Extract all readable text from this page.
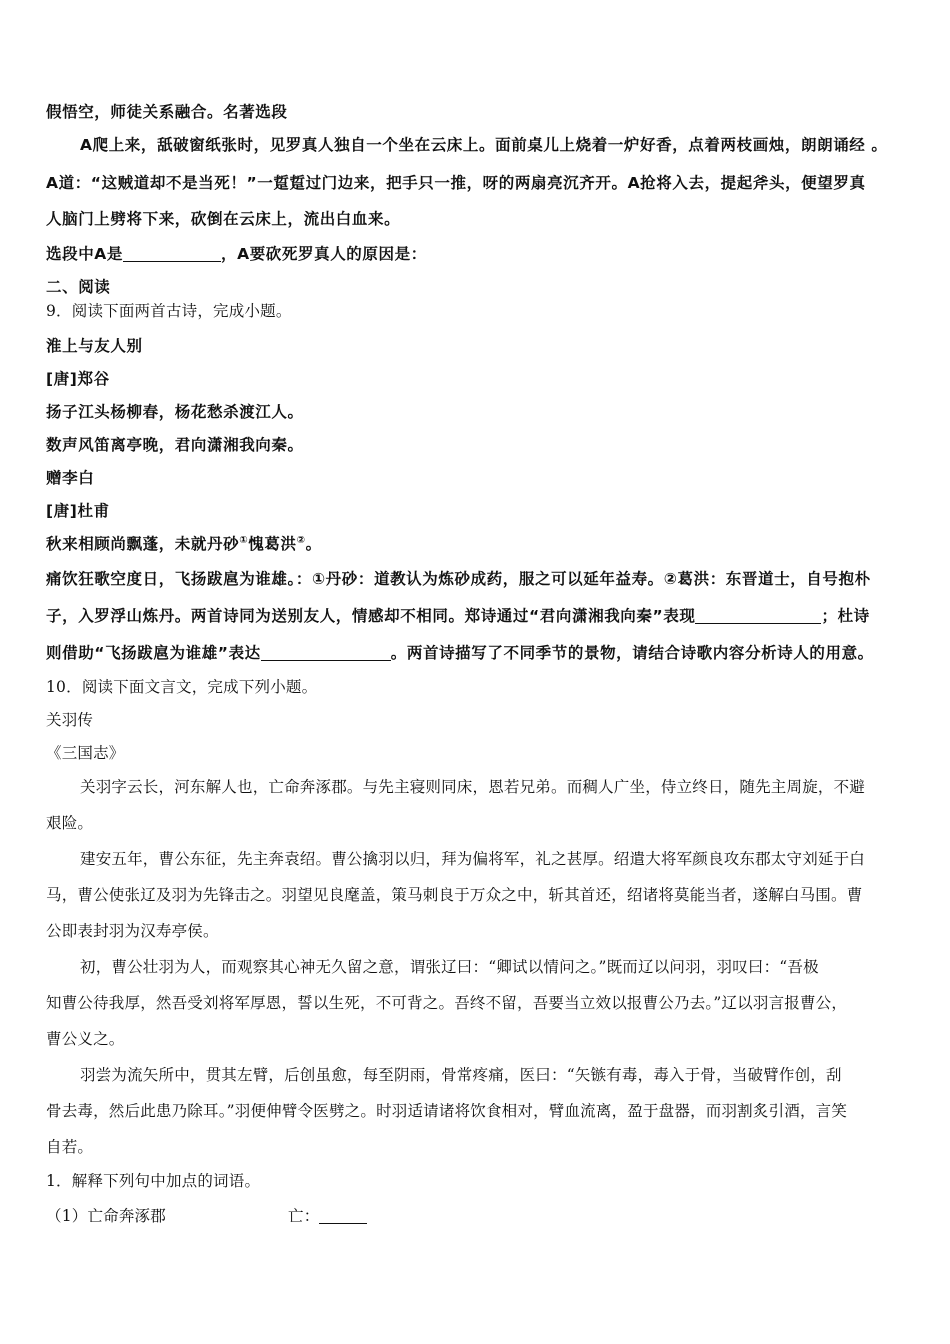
假悟空，师徒关系融合。名著选段
A爬上来，舐破窗纸张时，见罗真人独自一个坐在云床上。面前桌儿上烧着一炉好香，点着两枝画烛，朗朗诵经 。
A道：“这贼道却不是当死！”一踅踅过门边来，把手只一推，呀的两扇亮沉齐开。A抢将入去，提起斧头，便望罗真
人脑门上劈将下来，砍倒在云床上，流出白血来。
选段中A是	，A要砍死罗真人的原因是：
二、阅读
9．阅读下面两首古诗，完成小题。
淮上与友人别
[唐]郑谷
扬子江头杨柳春，杨花愁杀渡江人。
数声风笛离亭晚，君向潇湘我向秦。
赠李白
[唐]杜甫
秋来相顾尚飘蓬，未就丹砂①愧葛洪②。
痛饮狂歌空度日，飞扬跋扈为谁雄。：①丹砂：道教认为炼砂成药，服之可以延年益寿。②葛洪：东晋道士，自号抱朴
子，入罗浮山炼丹。两首诗同为送别友人，情感却不相同。郑诗通过“君向潇湘我向秦”表现	；杜诗
则借助“飞扬跋扈为谁雄”表达	。两首诗描写了不同季节的景物，请结合诗歌内容分析诗人的用意。
10．阅读下面文言文，完成下列小题。
关羽传
《三国志》
关羽字云长，河东解人也，亡命奔涿郡。与先主寝则同床，恩若兄弟。而稠人广坐，侍立终日，随先主周旋，不避
艰险。
建安五年，曹公东征，先主奔袁绍。曹公擒羽以归，拜为偏将军，礼之甚厚。绍遣大将军颜良攻东郡太守刘延于白
马，曹公使张辽及羽为先锋击之。羽望见良麾盖，策马刺良于万众之中，斩其首还，绍诸将莫能当者，遂解白马围。曹
公即表封羽为汉寿亭侯。
初，曹公壮羽为人，而观察其心神无久留之意，谓张辽曰：“卿试以情问之。”既而辽以问羽，羽叹曰：“吾极
知曹公待我厚，然吾受刘将军厚恩，誓以生死，不可背之。吾终不留，吾要当立效以报曹公乃去。”辽以羽言报曹公，
曹公义之。
羽尝为流矢所中，贯其左臂，后创虽愈，每至阴雨，骨常疼痛，医曰：“矢镞有毒，毒入于骨，当破臂作创，刮
骨去毒，然后此患乃除耳。”羽便伸臂令医劈之。时羽适请诸将饮食相对，臂血流离，盈于盘器，而羽割炙引酒，言笑
自若。
1．解释下列句中加点的词语。
（1）亡命奔涿郡	亡：
